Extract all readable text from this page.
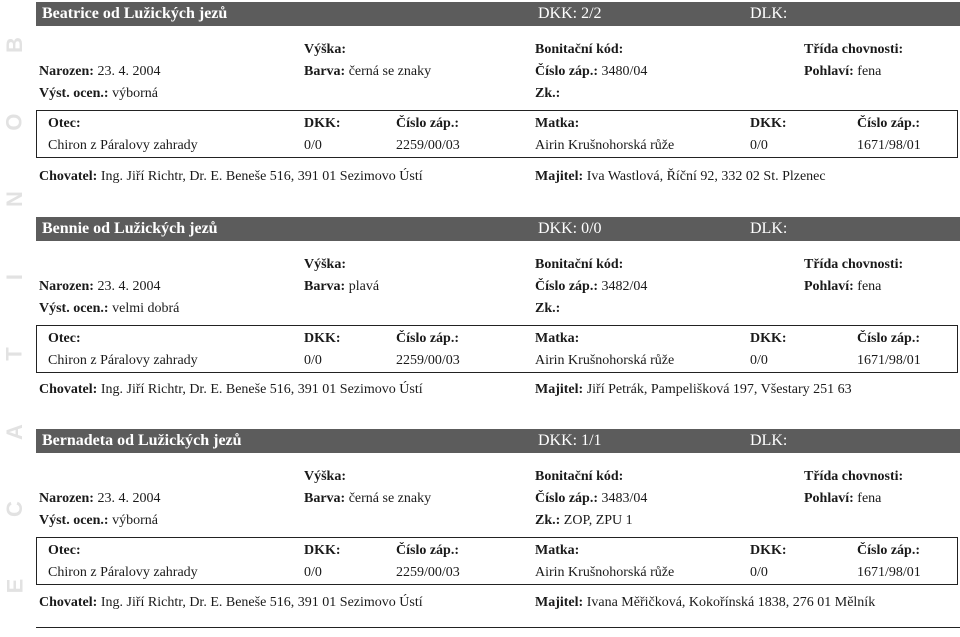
B
O
N
I
T
A
C
E
Beatrice od Lužických jezů	DKK: 2/2	DLK:
Výška:	Bonitační kód:	Třída chovnosti:
Narozen: 23. 4. 2004	Barva: černá se znaky	Číslo záp.: 3480/04	Pohlaví: fena
Výst. ocen.: výborná	Zk.:
Otec:	DKK:	Číslo záp.:	Matka:	DKK:	Číslo záp.:
Chiron z Páralovy zahrady	0/0	2259/00/03	Airin Krušnohorská růže	0/0	1671/98/01
Chovatel: Ing. Jiří Richtr, Dr. E. Beneše 516, 391 01 Sezimovo Ústí	Majitel: Iva Wastlová, Říční 92, 332 02 St. Plzenec
Bennie od Lužických jezů	DKK: 0/0	DLK:
Výška:	Bonitační kód:	Třída chovnosti:
Narozen: 23. 4. 2004	Barva: plavá	Číslo záp.: 3482/04	Pohlaví: fena
Výst. ocen.: velmi dobrá	Zk.:
Otec:	DKK:	Číslo záp.:	Matka:	DKK:	Číslo záp.:
Chiron z Páralovy zahrady	0/0	2259/00/03	Airin Krušnohorská růže	0/0	1671/98/01
Chovatel: Ing. Jiří Richtr, Dr. E. Beneše 516, 391 01 Sezimovo Ústí	Majitel: Jiří Petrák, Pampelišková 197, Všestary 251 63
Bernadeta od Lužických jezů	DKK: 1/1	DLK:
Výška:	Bonitační kód:	Třída chovnosti:
Narozen: 23. 4. 2004	Barva: černá se znaky	Číslo záp.: 3483/04	Pohlaví: fena
Výst. ocen.: výborná	Zk.: ZOP, ZPU 1
Otec:	DKK:	Číslo záp.:	Matka:	DKK:	Číslo záp.:
Chiron z Páralovy zahrady	0/0	2259/00/03	Airin Krušnohorská růže	0/0	1671/98/01
Chovatel: Ing. Jiří Richtr, Dr. E. Beneše 516, 391 01 Sezimovo Ústí	Majitel: Ivana Měřičková, Kokořínská 1838, 276 01 Mělník
